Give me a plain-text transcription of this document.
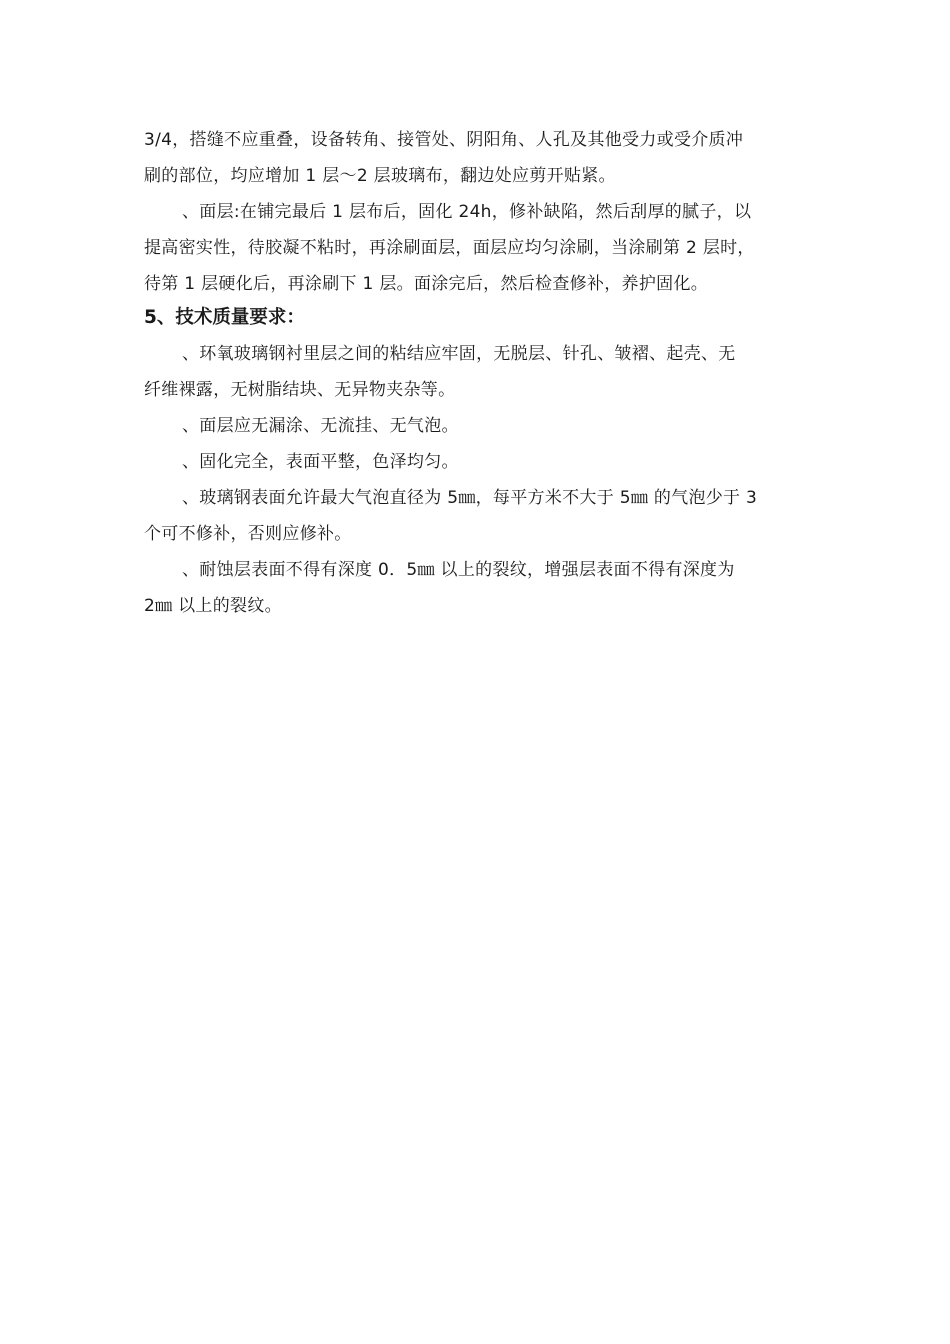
3/4，搭缝不应重叠，设备转角、接管处、阴阳角、人孔及其他受力或受介质冲
刷的部位，均应增加 1 层～2 层玻璃布，翻边处应剪开贴紧。
、面层:在铺完最后 1 层布后，固化 24h，修补缺陷，然后刮厚的腻子，以
提高密实性，待胶凝不粘时，再涂刷面层，面层应均匀涂刷，当涂刷第 2 层时，
待第 1 层硬化后，再涂刷下 1 层。面涂完后，然后检查修补，养护固化。
5、技术质量要求：
、环氧玻璃钢衬里层之间的粘结应牢固，无脱层、针孔、皱褶、起壳、无
纤维裸露，无树脂结块、无异物夹杂等。
、面层应无漏涂、无流挂、无气泡。
、固化完全，表面平整，色泽均匀。
、玻璃钢表面允许最大气泡直径为 5㎜，每平方米不大于 5㎜ 的气泡少于 3
个可不修补，否则应修补。
、耐蚀层表面不得有深度 0．5㎜ 以上的裂纹，增强层表面不得有深度为
2㎜ 以上的裂纹。
